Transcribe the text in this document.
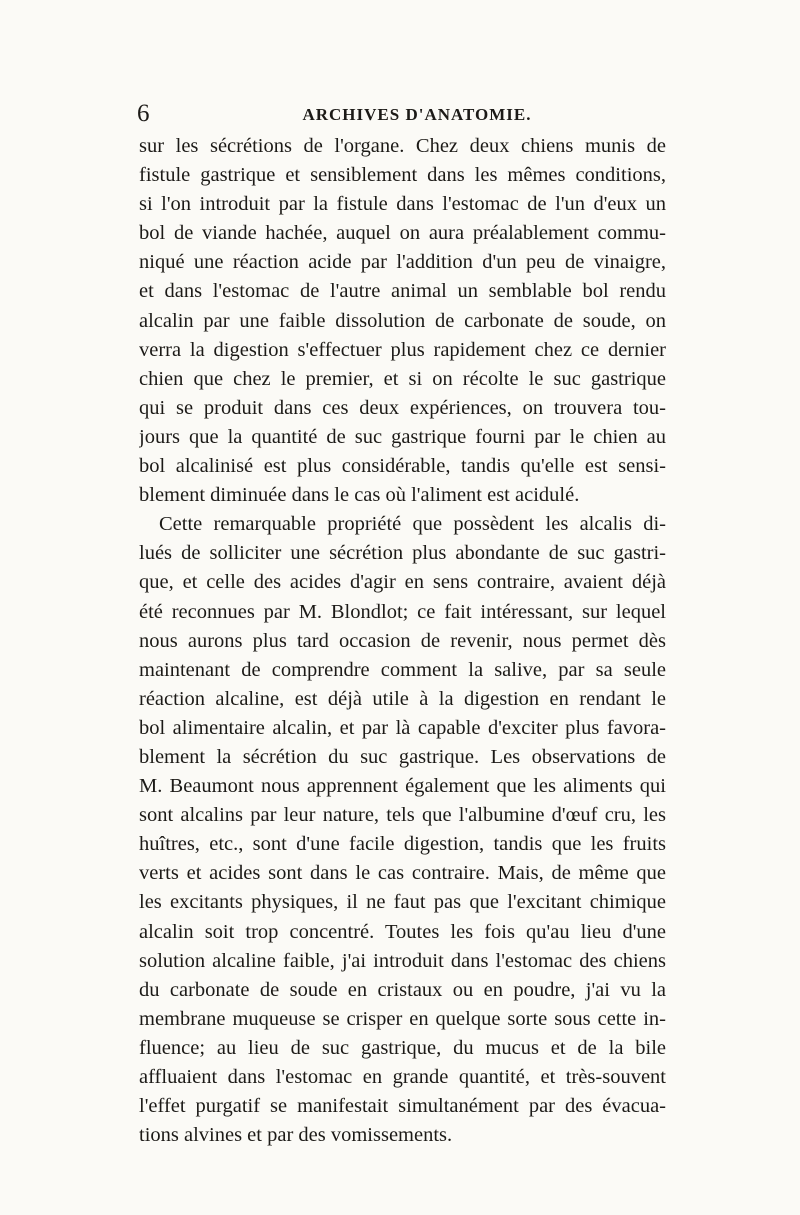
6	ARCHIVES D'ANATOMIE.
sur les sécrétions de l'organe. Chez deux chiens munis de
fistule gastrique et sensiblement dans les mêmes conditions,
si l'on introduit par la fistule dans l'estomac de l'un d'eux un
bol de viande hachée, auquel on aura préalablement commu-
niqué une réaction acide par l'addition d'un peu de vinaigre,
et dans l'estomac de l'autre animal un semblable bol rendu
alcalin par une faible dissolution de carbonate de soude, on
verra la digestion s'effectuer plus rapidement chez ce dernier
chien que chez le premier, et si on récolte le suc gastrique
qui se produit dans ces deux expériences, on trouvera tou-
jours que la quantité de suc gastrique fourni par le chien au
bol alcalinisé est plus considérable, tandis qu'elle est sensi-
blement diminuée dans le cas où l'aliment est acidulé.
Cette remarquable propriété que possèdent les alcalis di-
lués de solliciter une sécrétion plus abondante de suc gastri-
que, et celle des acides d'agir en sens contraire, avaient déjà
été reconnues par M. Blondlot; ce fait intéressant, sur lequel
nous aurons plus tard occasion de revenir, nous permet dès
maintenant de comprendre comment la salive, par sa seule
réaction alcaline, est déjà utile à la digestion en rendant le
bol alimentaire alcalin, et par là capable d'exciter plus favora-
blement la sécrétion du suc gastrique. Les observations de
M. Beaumont nous apprennent également que les aliments qui
sont alcalins par leur nature, tels que l'albumine d'œuf cru, les
huîtres, etc., sont d'une facile digestion, tandis que les fruits
verts et acides sont dans le cas contraire. Mais, de même que
les excitants physiques, il ne faut pas que l'excitant chimique
alcalin soit trop concentré. Toutes les fois qu'au lieu d'une
solution alcaline faible, j'ai introduit dans l'estomac des chiens
du carbonate de soude en cristaux ou en poudre, j'ai vu la
membrane muqueuse se crisper en quelque sorte sous cette in-
fluence; au lieu de suc gastrique, du mucus et de la bile
affluaient dans l'estomac en grande quantité, et très-souvent
l'effet purgatif se manifestait simultanément par des évacua-
tions alvines et par des vomissements.
